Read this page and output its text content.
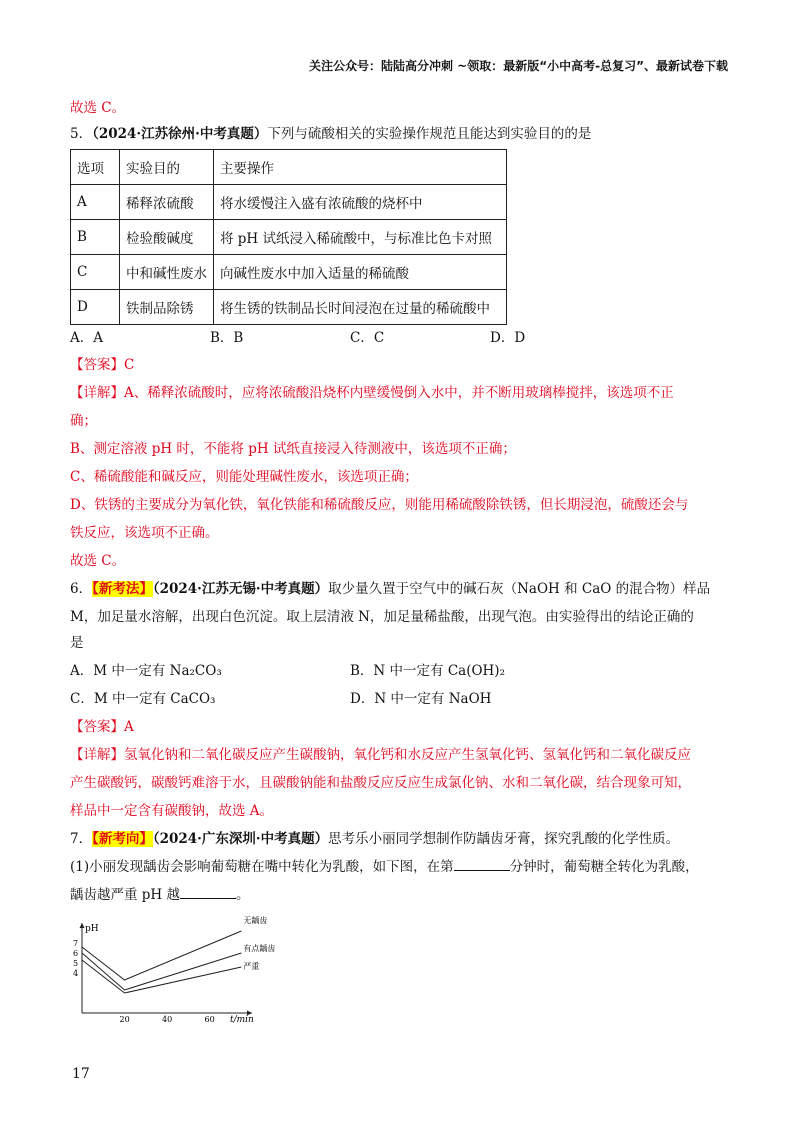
关注公众号：陆陆高分冲刺 ~领取：最新版“小中高考-总复习”、最新试卷下载
故选 C。
5．（2024·江苏徐州·中考真题）下列与硫酸相关的实验操作规范且能达到实验目的的是
选项	实验目的	主要操作
A	稀释浓硫酸	将水缓慢注入盛有浓硫酸的烧杯中
B	检验酸碱度	将 pH 试纸浸入稀硫酸中，与标准比色卡对照
C	中和碱性废水	向碱性废水中加入适量的稀硫酸
D	铁制品除锈	将生锈的铁制品长时间浸泡在过量的稀硫酸中
A．A	B．B	C．C	D．D
【答案】C
【详解】A、稀释浓硫酸时，应将浓硫酸沿烧杯内壁缓慢倒入水中，并不断用玻璃棒搅拌，该选项不正
确；
B、测定溶液 pH 时，不能将 pH 试纸直接浸入待测液中，该选项不正确；
C、稀硫酸能和碱反应，则能处理碱性废水，该选项正确；
D、铁锈的主要成分为氧化铁，氧化铁能和稀硫酸反应，则能用稀硫酸除铁锈，但长期浸泡，硫酸还会与
铁反应，该选项不正确。
故选 C。
6．【新考法】（2024·江苏无锡·中考真题）取少量久置于空气中的碱石灰（NaOH 和 CaO 的混合物）样品
M，加足量水溶解，出现白色沉淀。取上层清液 N，加足量稀盐酸，出现气泡。由实验得出的结论正确的
是
A．M 中一定有 Na₂CO₃	B．N 中一定有 Ca(OH)₂
C．M 中一定有 CaCO₃	D．N 中一定有 NaOH
【答案】A
【详解】氢氧化钠和二氧化碳反应产生碳酸钠，氧化钙和水反应产生氢氧化钙、氢氧化钙和二氧化碳反应
产生碳酸钙，碳酸钙难溶于水，且碳酸钠能和盐酸反应反应生成氯化钠、水和二氧化碳，结合现象可知，
样品中一定含有碳酸钠，故选 A。
7．【新考向】（2024·广东深圳·中考真题）思考乐小丽同学想制作防龋齿牙膏，探究乳酸的化学性质。
(1)小丽发现龋齿会影响葡萄糖在嘴中转化为乳酸，如下图，在第	分钟时，葡萄糖全转化为乳酸，
龋齿越严重 pH 越	。
pH
t/min
20	40	60
4
5
6
7
无龋齿
有点龋齿
严重
17
